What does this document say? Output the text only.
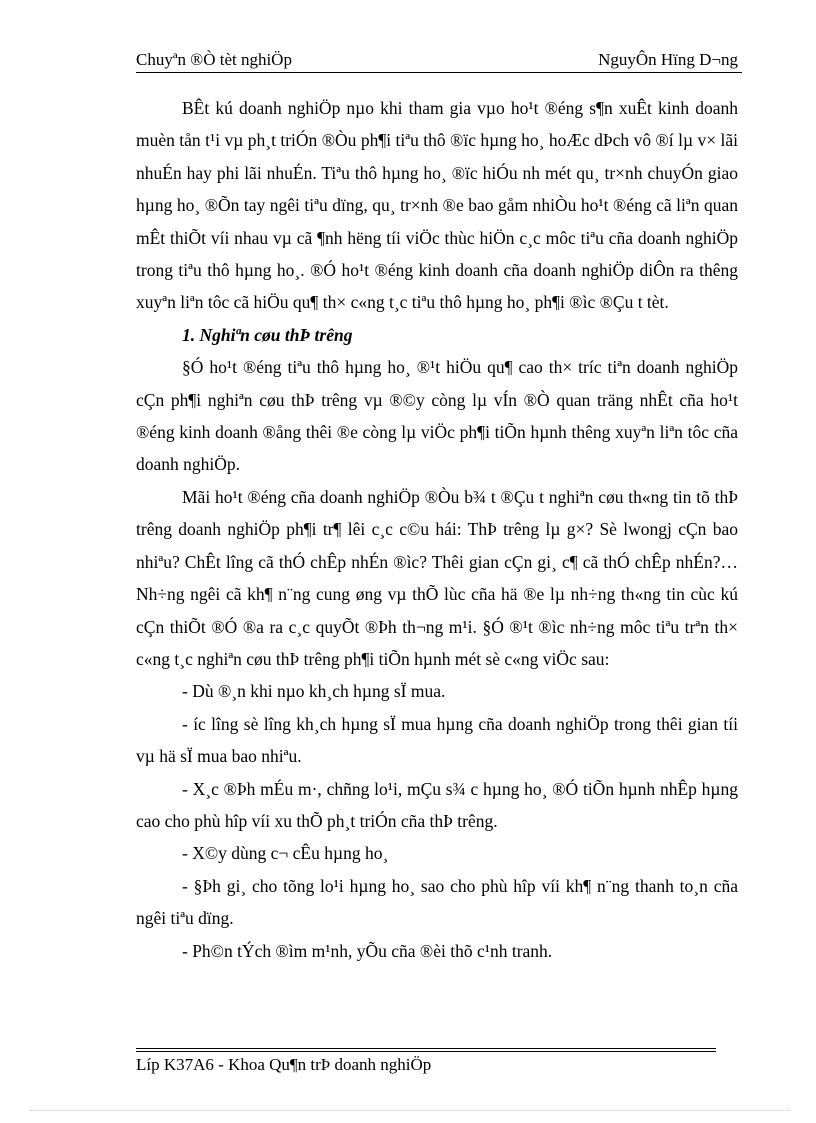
Chuyªn ®Ò tèt nghiÖp	NguyÔn Hïng D¬ng

BÊt kú doanh nghiÖp nµo khi tham gia vµo ho¹t ®éng s¶n xuÊt kinh doanh muèn tån t¹i vµ ph¸t triÓn ®Òu ph¶i tiªu thô ®ïc hµng ho¸ hoÆc dÞch vô ®í lµ v× lãi nhuÉn hay phi lãi nhuÉn. Tiªu thô hµng ho¸ ®ïc hiÓu nh mét qu¸ tr×nh chuyÓn giao hµng ho¸ ®Õn tay ngêi tiªu dïng, qu¸ tr×nh ®e bao gåm nhiÒu ho¹t ®éng cã liªn quan mÊt thiÕt víi nhau vµ cã ¶nh hëng tíi viÖc thùc hiÖn c¸c môc tiªu cña doanh nghiÖp trong tiªu thô hµng ho¸. ®Ó ho¹t ®éng kinh doanh cña doanh nghiÖp diÔn ra thêng xuyªn liªn tôc cã hiÖu qu¶ th× c«ng t¸c tiªu thô hµng ho¸ ph¶i ®ìc ®Çu t tèt.

1. Nghiªn cøu thÞ trêng

§Ó ho¹t ®éng tiªu thô hµng ho¸ ®¹t hiÖu qu¶ cao th× tríc tiªn doanh nghiÖp cÇn ph¶i nghiªn cøu thÞ trêng vµ ®©y còng lµ vÍn ®Ò quan träng nhÊt cña ho¹t ®éng kinh doanh ®ång thêi ®e còng lµ viÖc ph¶i tiÕn hµnh thêng xuyªn liªn tôc cña doanh nghiÖp.

Mãi ho¹t ®éng cña doanh nghiÖp ®Òu b¾ t ®Çu t nghiªn cøu th«ng tin tõ thÞ trêng doanh nghiÖp ph¶i tr¶ lêi c¸c c©u hái: ThÞ trêng lµ g×? Sè lwongj cÇn bao nhiªu? ChÊt lîng cã thÓ chÊp nhÉn ®ìc? Thêi gian cÇn gi¸ c¶ cã thÓ chÊp nhÉn?… Nh÷ng ngêi cã kh¶ n¨ng cung øng vµ thÕ lùc cña hä ®e lµ nh÷ng th«ng tin cùc kú cÇn thiÕt ®Ó ®a ra c¸c quyÕt ®Þh th¬ng m¹i. §Ó ®¹t ®ìc nh÷ng môc tiªu trªn th× c«ng t¸c nghiªn cøu thÞ trêng ph¶i tiÕn hµnh mét sè c«ng viÖc sau:

- Dù ®¸n khi nµo kh¸ch hµng sÏ mua.

- íc lîng sè lîng kh¸ch hµng sÏ mua hµng cña doanh nghiÖp trong thêi gian tíi vµ hä sÏ mua bao nhiªu.

- X¸c ®Þh mÉu m·, chñng lo¹i, mÇu s¾ c hµng ho¸ ®Ó tiÕn hµnh nhÊp hµng cao cho phù hîp víi xu thÕ ph¸t triÓn cña thÞ trêng.

- X©y dùng c¬ cÊu hµng ho¸

- §Þh gi¸ cho tõng lo¹i hµng ho¸ sao cho phù hîp víi kh¶ n¨ng thanh to¸n cña ngêi tiªu dïng.

- Ph©n tÝch ®ìm m¹nh, yÕu cña ®èi thõ c¹nh tranh.

Líp K37A6 - Khoa Qu¶n trÞ doanh nghiÖp
